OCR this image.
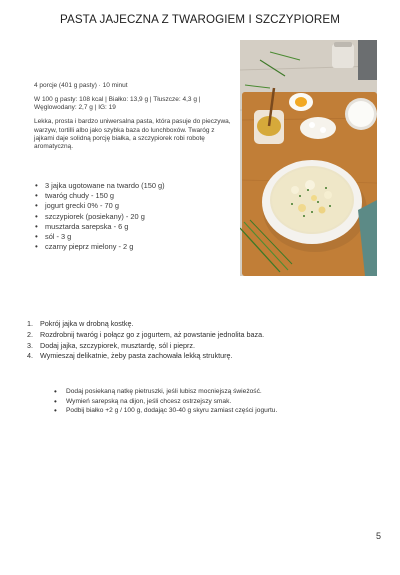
PASTA JAJECZNA Z TWAROGIEM I SZCZYPIOREM

4 porcje (401 g pasty) · 10 minut

W 100 g pasty: 108 kcal | Białko: 13,9 g | Tłuszcze: 4,3 g | Węglowodany: 2,7 g | IG: 19

Lekka, prosta i bardzo uniwersalna pasta, która pasuje do pieczywa, warzyw, tortilli albo jako szybka baza do lunchboxów. Twaróg z jajkami daje solidną porcję białka, a szczypiorek robi robotę aromatyczną.

• 3 jajka ugotowane na twardo (150 g)
• twaróg chudy - 150 g
• jogurt grecki 0% - 70 g
• szczypiorek (posiekany) - 20 g
• musztarda sarepska - 6 g
• sól - 3 g
• czarny pieprz mielony - 2 g
1. Pokrój jajka w drobną kostkę.
2. Rozdrobnij twaróg i połącz go z jogurtem, aż powstanie jednolita baza.
3. Dodaj jajka, szczypiorek, musztardę, sól i pieprz.
4. Wymieszaj delikatnie, żeby pasta zachowała lekką strukturę.
• Dodaj posiekaną natkę pietruszki, jeśli lubisz mocniejszą świeżość.
• Wymień sarepską na dijon, jeśli chcesz ostrzejszy smak.
• Podbij białko +2 g / 100 g, dodając 30-40 g skyru zamiast części jogurtu.
5
